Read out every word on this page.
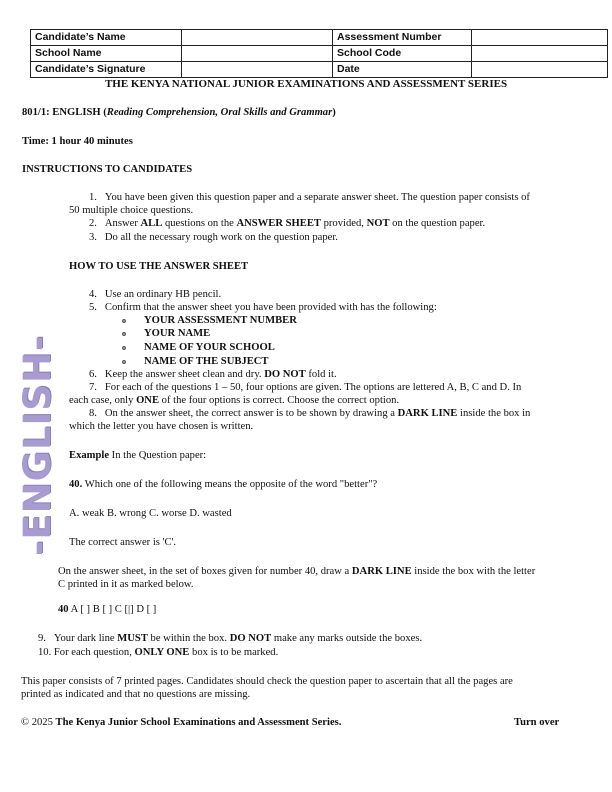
Candidate’s Name		Assessment Number	
School Name		School Code	
Candidate’s Signature		Date	
THE KENYA NATIONAL JUNIOR EXAMINATIONS AND ASSESSMENT SERIES
801/1: ENGLISH (Reading Comprehension, Oral Skills and Grammar)
Time: 1 hour 40 minutes
INSTRUCTIONS TO CANDIDATES
1. You have been given this question paper and a separate answer sheet. The question paper consists of
50 multiple choice questions.
2. Answer ALL questions on the ANSWER SHEET provided, NOT on the question paper.
3. Do all the necessary rough work on the question paper.
HOW TO USE THE ANSWER SHEET
4. Use an ordinary HB pencil.
5. Confirm that the answer sheet you have been provided with has the following:
o YOUR ASSESSMENT NUMBER
o YOUR NAME
o NAME OF YOUR SCHOOL
o NAME OF THE SUBJECT
6. Keep the answer sheet clean and dry. DO NOT fold it.
7. For each of the questions 1 – 50, four options are given. The options are lettered A, B, C and D. In
each case, only ONE of the four options is correct. Choose the correct option.
8. On the answer sheet, the correct answer is to be shown by drawing a DARK LINE inside the box in
which the letter you have chosen is written.
Example In the Question paper:
40. Which one of the following means the opposite of the word "better"?
A. weak B. wrong C. worse D. wasted
The correct answer is 'C'.
On the answer sheet, in the set of boxes given for number 40, draw a DARK LINE inside the box with the letter
C printed in it as marked below.
40 A [ ] B [ ] C [|] D [ ]
9. Your dark line MUST be within the box. DO NOT make any marks outside the boxes.
10. For each question, ONLY ONE box is to be marked.
This paper consists of 7 printed pages. Candidates should check the question paper to ascertain that all the pages are
printed as indicated and that no questions are missing.
© 2025 The Kenya Junior School Examinations and Assessment Series.	Turn over
-ENGLISH-
